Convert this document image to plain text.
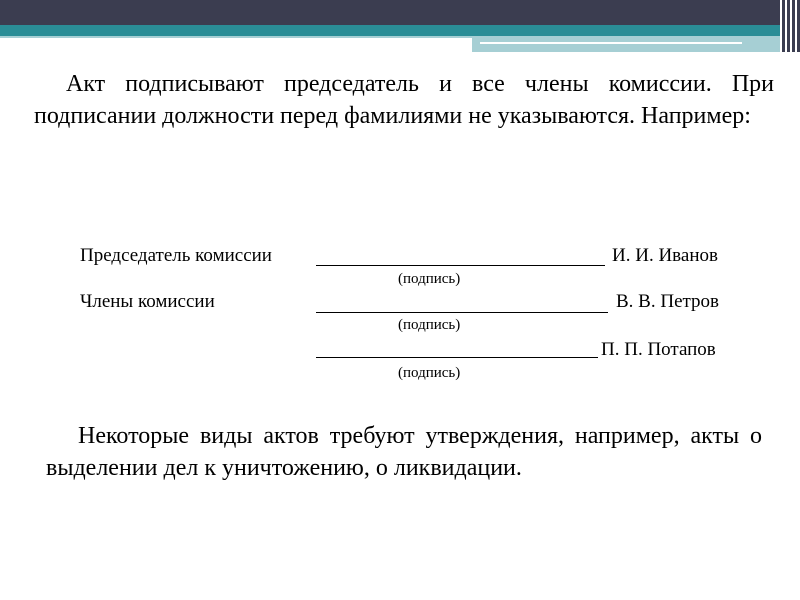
Акт подписывают председатель и все члены комиссии. При подписании должности перед фамилиями не указываются. Например:

Председатель комиссии	И. И. Иванов
(подпись)
Члены комиссии	В. В. Петров
(подпись)
П. П. Потапов
(подпись)

Некоторые виды актов требуют утверждения, например, акты о выделении дел к уничтожению, о ликвидации.
